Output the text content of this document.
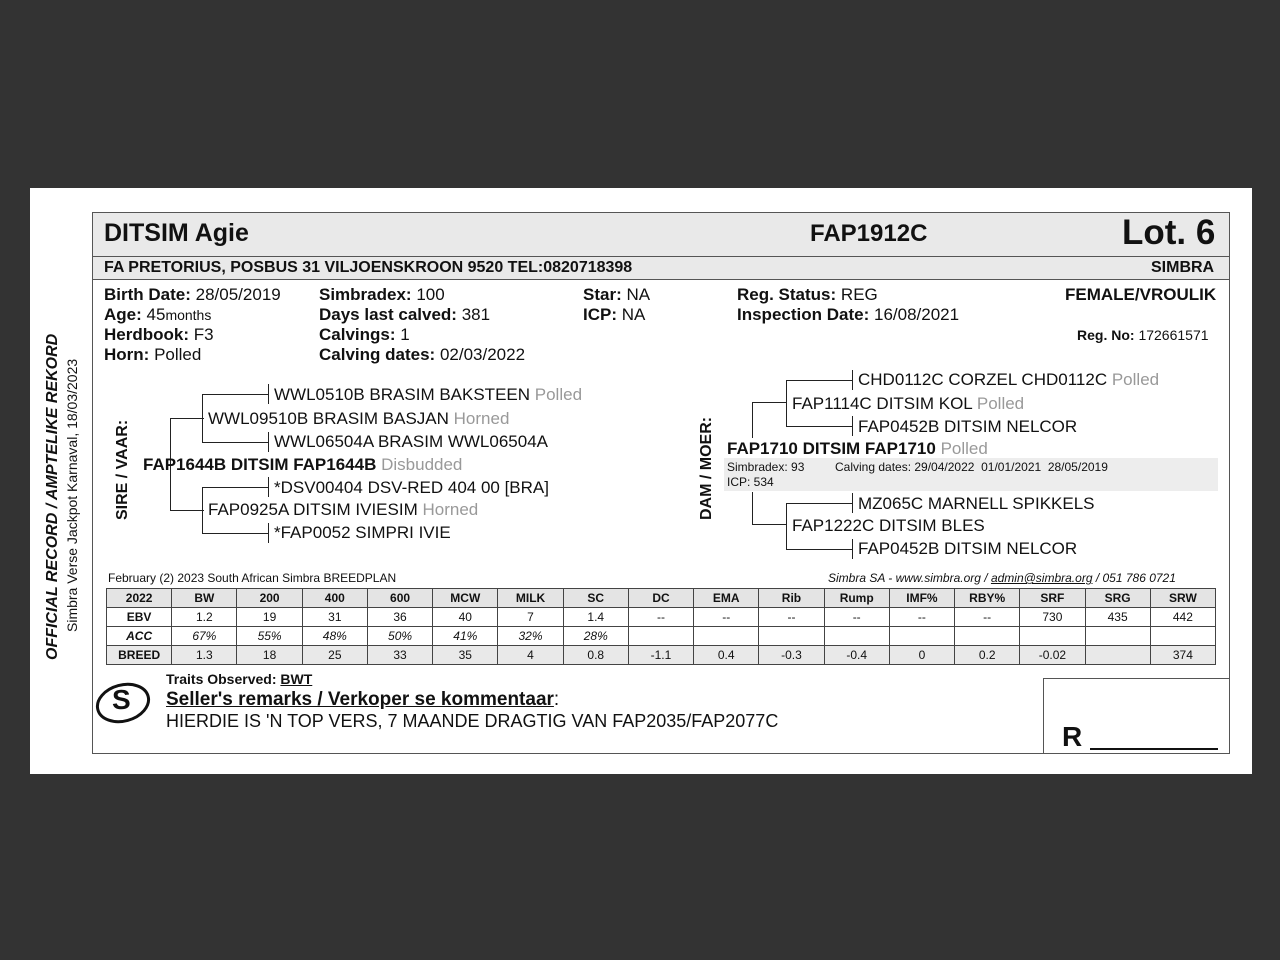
OFFICIAL RECORD / AMPTELIKE REKORD Simbra Verse Jackpot Karnaval, 18/03/2023
DITSIM Agie	FAP1912C	Lot. 6
FA PRETORIUS, POSBUS 31 VILJOENSKROON 9520 TEL:0820718398	SIMBRA
Birth Date: 28/05/2019
Age: 45months
Herdbook: F3
Horn: Polled
Simbradex: 100
Days last calved: 381
Calvings: 1
Calving dates: 02/03/2022
Star: NA
ICP: NA
Reg. Status: REG
Inspection Date: 16/08/2021
FEMALE/VROULIK
Reg. No: 172661571
SIRE / VAAR:
WWL0510B BRASIM BAKSTEEN Polled
WWL09510B BRASIM BASJAN Horned
WWL06504A BRASIM WWL06504A
FAP1644B DITSIM FAP1644B Disbudded
*DSV00404 DSV-RED 404 00 [BRA]
FAP0925A DITSIM IVIESIM Horned
*FAP0052 SIMPRI IVIE
DAM / MOER:
CHD0112C CORZEL CHD0112C Polled
FAP1114C DITSIM KOL Polled
FAP0452B DITSIM NELCOR
FAP1710 DITSIM FAP1710 Polled
Simbradex: 93	Calving dates: 29/04/2022  01/01/2021  28/05/2019
ICP: 534
MZ065C MARNELL SPIKKELS
FAP1222C DITSIM BLES
FAP0452B DITSIM NELCOR
February (2) 2023 South African Simbra BREEDPLAN	Simbra SA - www.simbra.org / admin@simbra.org / 051 786 0721
2022	BW	200	400	600	MCW	MILK	SC	DC	EMA	Rib	Rump	IMF%	RBY%	SRF	SRG	SRW
EBV	1.2	19	31	36	40	7	1.4	--	--	--	--	--	--	730	435	442
ACC	67%	55%	48%	50%	41%	32%	28%									
BREED	1.3	18	25	33	35	4	0.8	-1.1	0.4	-0.3	-0.4	0	0.2	-0.02		374
S
Traits Observed: BWT
Seller's remarks / Verkoper se kommentaar:
HIERDIE IS 'N TOP VERS, 7 MAANDE DRAGTIG VAN FAP2035/FAP2077C	R
